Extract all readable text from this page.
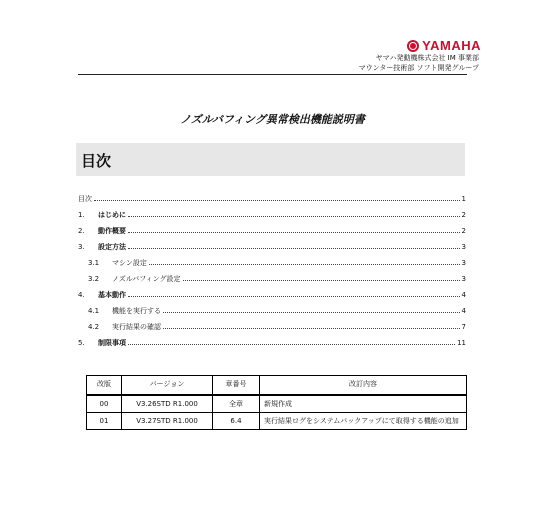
YAMAHA
ヤマハ発動機株式会社 IM 事業部
マウンター技術部 ソフト開発グループ
ノズルバフィング異常検出機能説明書
目次
目次	1
1.	はじめに	2
2.	動作概要	2
3.	設定方法	3
3.1	マシン設定	3
3.2	ノズルバフィング設定	3
4.	基本動作	4
4.1	機能を実行する	4
4.2	実行結果の確認	7
5.	制限事項	11
改版	バージョン	章番号	改訂内容
00	V3.26STD R1.000	全章	新規作成
01	V3.27STD R1.000	6.4	実行結果ログをシステムバックアップにて取得する機能の追加
